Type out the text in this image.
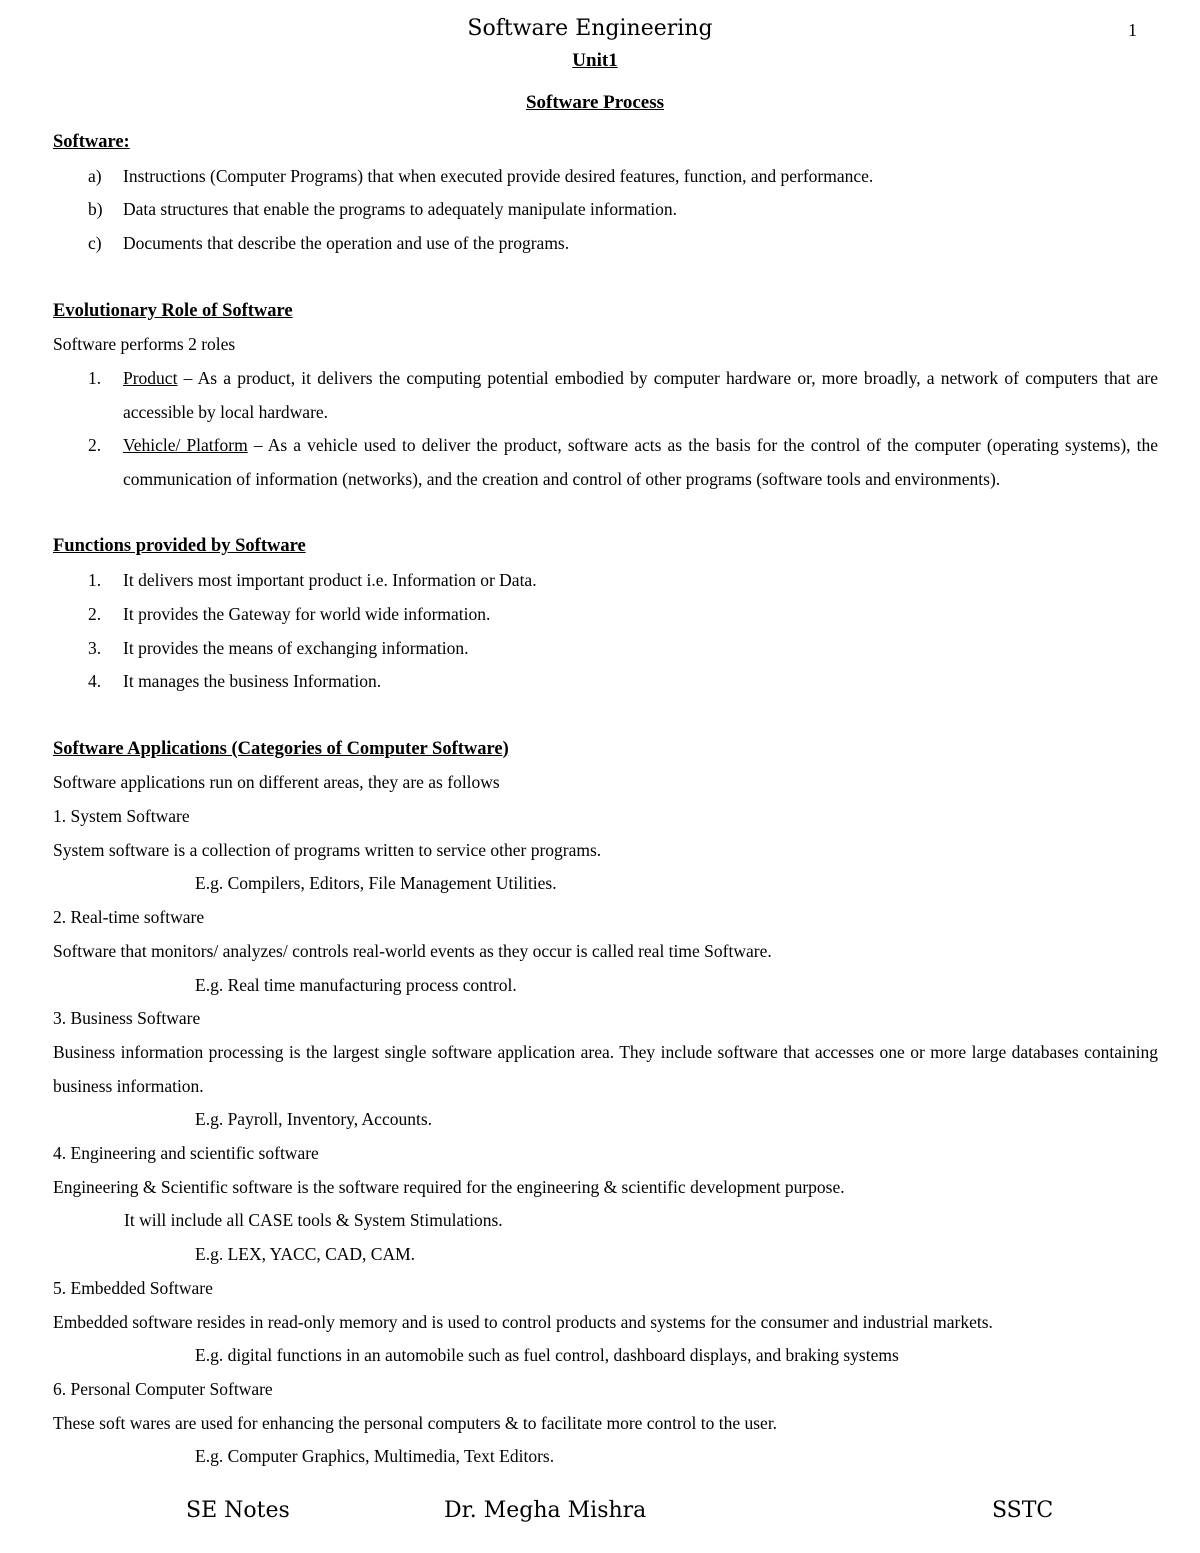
Software Engineering	1
Unit1
Software Process
Software:
a)	Instructions (Computer Programs) that when executed provide desired features, function, and performance.
b)	Data structures that enable the programs to adequately manipulate information.
c)	Documents that describe the operation and use of the programs.
Evolutionary Role of Software
Software performs 2 roles
1.	Product – As a product, it delivers the computing potential embodied by computer hardware or, more broadly, a network of computers that are accessible by local hardware.
2.	Vehicle/ Platform – As a vehicle used to deliver the product, software acts as the basis for the control of the computer (operating systems), the communication of information (networks), and the creation and control of other programs (software tools and environments).
Functions provided by Software
1.	It delivers most important product i.e. Information or Data.
2.	It provides the Gateway for world wide information.
3.	It provides the means of exchanging information.
4.	It manages the business Information.
Software Applications (Categories of Computer Software)
Software applications run on different areas, they are as follows
1. System Software
System software is a collection of programs written to service other programs.
E.g. Compilers, Editors, File Management Utilities.
2. Real-time software
Software that monitors/ analyzes/ controls real-world events as they occur is called real time Software.
E.g. Real time manufacturing process control.
3. Business Software
Business information processing is the largest single software application area. They include software that accesses one or more large databases containing business information.
E.g. Payroll, Inventory, Accounts.
4. Engineering and scientific software
Engineering & Scientific software is the software required for the engineering & scientific development purpose.
It will include all CASE tools & System Stimulations.
E.g. LEX, YACC, CAD, CAM.
5. Embedded Software
Embedded software resides in read-only memory and is used to control products and systems for the consumer and industrial markets.
E.g. digital functions in an automobile such as fuel control, dashboard displays, and braking systems
6. Personal Computer Software
These soft wares are used for enhancing the personal computers & to facilitate more control to the user.
E.g. Computer Graphics, Multimedia, Text Editors.
SE Notes	Dr. Megha Mishra	SSTC
